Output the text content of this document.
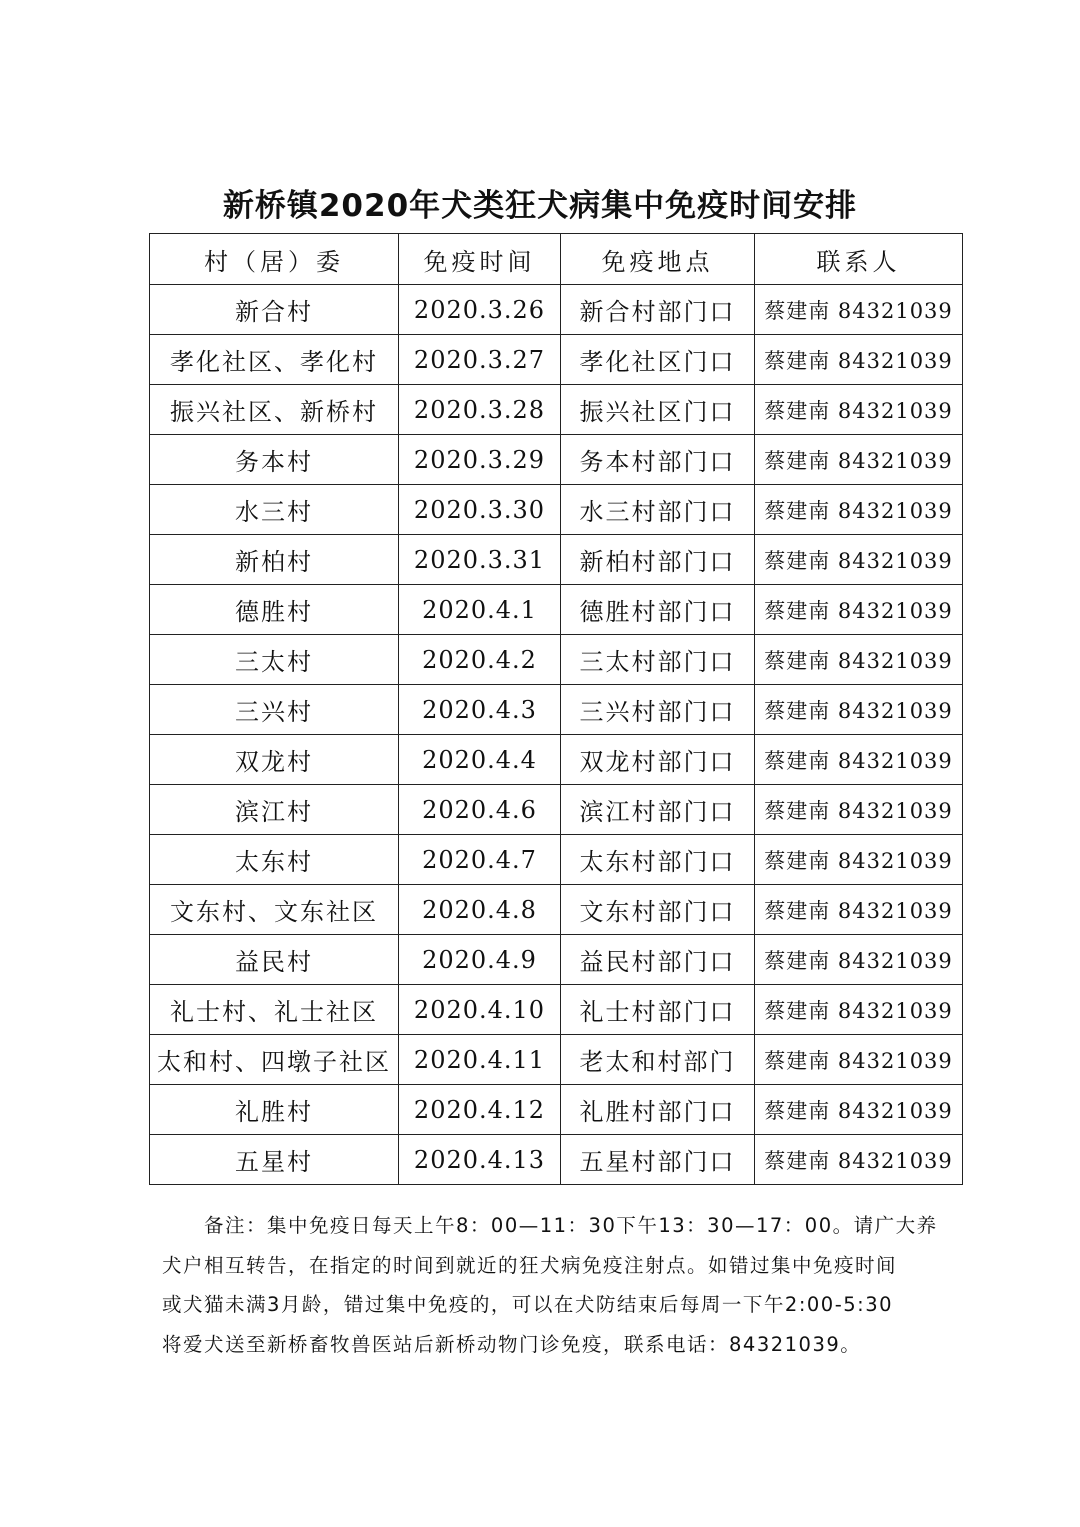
新桥镇2020年犬类狂犬病集中免疫时间安排
村（居）委	免疫时间	免疫地点	联系人
新合村	2020.3.26	新合村部门口	蔡建南 84321039
孝化社区、孝化村	2020.3.27	孝化社区门口	蔡建南 84321039
振兴社区、新桥村	2020.3.28	振兴社区门口	蔡建南 84321039
务本村	2020.3.29	务本村部门口	蔡建南 84321039
水三村	2020.3.30	水三村部门口	蔡建南 84321039
新柏村	2020.3.31	新柏村部门口	蔡建南 84321039
德胜村	2020.4.1	德胜村部门口	蔡建南 84321039
三太村	2020.4.2	三太村部门口	蔡建南 84321039
三兴村	2020.4.3	三兴村部门口	蔡建南 84321039
双龙村	2020.4.4	双龙村部门口	蔡建南 84321039
滨江村	2020.4.6	滨江村部门口	蔡建南 84321039
太东村	2020.4.7	太东村部门口	蔡建南 84321039
文东村、文东社区	2020.4.8	文东村部门口	蔡建南 84321039
益民村	2020.4.9	益民村部门口	蔡建南 84321039
礼士村、礼士社区	2020.4.10	礼士村部门口	蔡建南 84321039
太和村、四墩子社区	2020.4.11	老太和村部门	蔡建南 84321039
礼胜村	2020.4.12	礼胜村部门口	蔡建南 84321039
五星村	2020.4.13	五星村部门口	蔡建南 84321039
备注：集中免疫日每天上午8：00—11：30下午13：30—17：00。请广大养
犬户相互转告，在指定的时间到就近的狂犬病免疫注射点。如错过集中免疫时间
或犬猫未满3月龄，错过集中免疫的，可以在犬防结束后每周一下午2:00-5:30
将爱犬送至新桥畜牧兽医站后新桥动物门诊免疫，联系电话：84321039。
